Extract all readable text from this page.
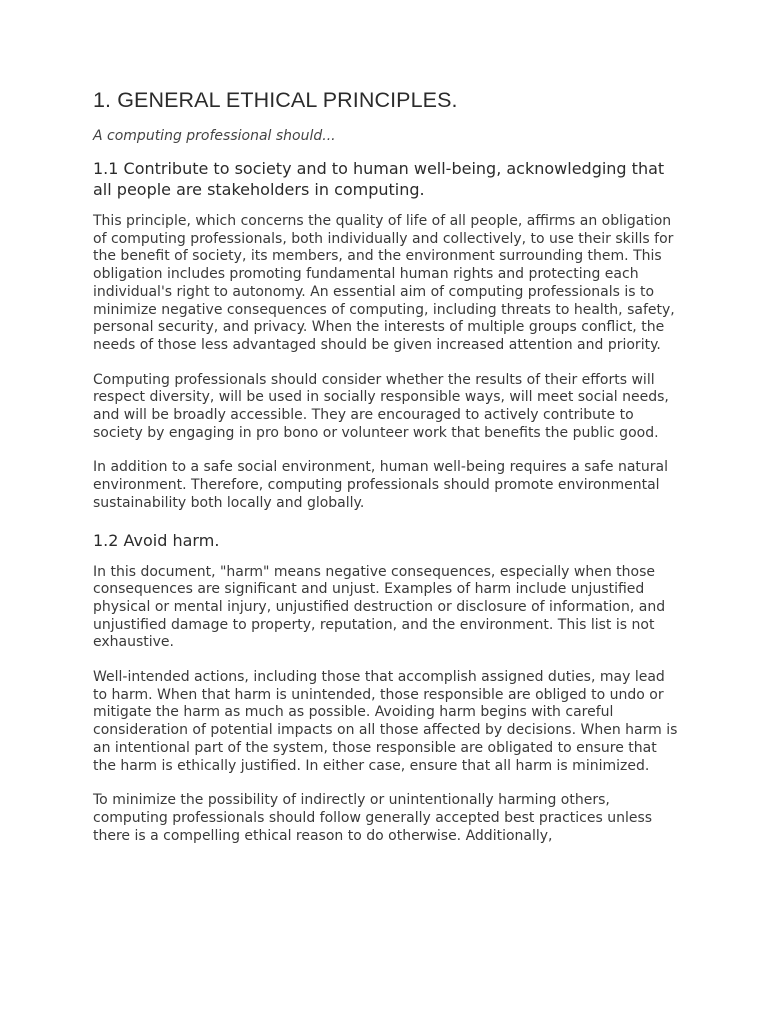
1. GENERAL ETHICAL PRINCIPLES.
A computing professional should...
1.1 Contribute to society and to human well-being, acknowledging that all people are stakeholders in computing.

This principle, which concerns the quality of life of all people, affirms an obligation of computing professionals, both individually and collectively, to use their skills for the benefit of society, its members, and the environment surrounding them. This obligation includes promoting fundamental human rights and protecting each individual's right to autonomy. An essential aim of computing professionals is to minimize negative consequences of computing, including threats to health, safety, personal security, and privacy. When the interests of multiple groups conflict, the needs of those less advantaged should be given increased attention and priority.

Computing professionals should consider whether the results of their efforts will respect diversity, will be used in socially responsible ways, will meet social needs, and will be broadly accessible. They are encouraged to actively contribute to society by engaging in pro bono or volunteer work that benefits the public good.

In addition to a safe social environment, human well-being requires a safe natural environment. Therefore, computing professionals should promote environmental sustainability both locally and globally.

1.2 Avoid harm.

In this document, "harm" means negative consequences, especially when those consequences are significant and unjust. Examples of harm include unjustified physical or mental injury, unjustified destruction or disclosure of information, and unjustified damage to property, reputation, and the environment. This list is not exhaustive.

Well-intended actions, including those that accomplish assigned duties, may lead to harm. When that harm is unintended, those responsible are obliged to undo or mitigate the harm as much as possible. Avoiding harm begins with careful consideration of potential impacts on all those affected by decisions. When harm is an intentional part of the system, those responsible are obligated to ensure that the harm is ethically justified. In either case, ensure that all harm is minimized.

To minimize the possibility of indirectly or unintentionally harming others, computing professionals should follow generally accepted best practices unless there is a compelling ethical reason to do otherwise. Additionally,
